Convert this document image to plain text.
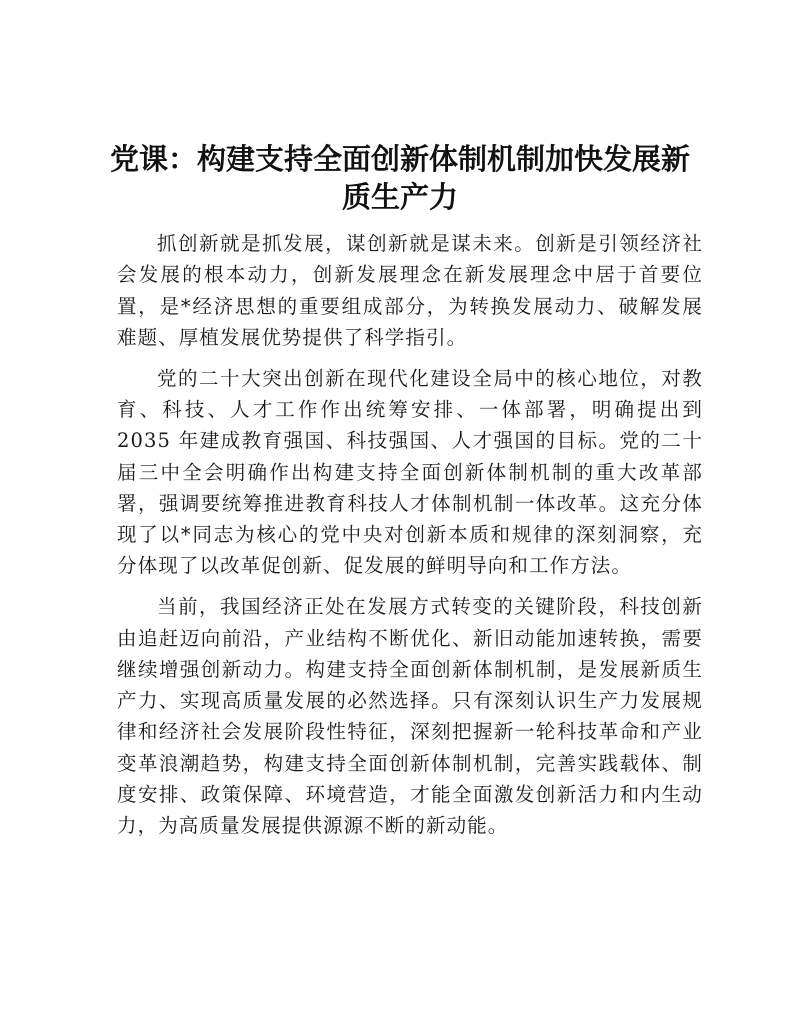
党课：构建支持全面创新体制机制加快发展新
质生产力

抓创新就是抓发展，谋创新就是谋未来。创新是引领经济社会发展的根本动力，创新发展理念在新发展理念中居于首要位置，是*经济思想的重要组成部分，为转换发展动力、破解发展难题、厚植发展优势提供了科学指引。

党的二十大突出创新在现代化建设全局中的核心地位，对教育、科技、人才工作作出统筹安排、一体部署，明确提出到2035 年建成教育强国、科技强国、人才强国的目标。党的二十届三中全会明确作出构建支持全面创新体制机制的重大改革部署，强调要统筹推进教育科技人才体制机制一体改革。这充分体现了以*同志为核心的党中央对创新本质和规律的深刻洞察，充分体现了以改革促创新、促发展的鲜明导向和工作方法。

当前，我国经济正处在发展方式转变的关键阶段，科技创新由追赶迈向前沿，产业结构不断优化、新旧动能加速转换，需要继续增强创新动力。构建支持全面创新体制机制，是发展新质生产力、实现高质量发展的必然选择。只有深刻认识生产力发展规律和经济社会发展阶段性特征，深刻把握新一轮科技革命和产业变革浪潮趋势，构建支持全面创新体制机制，完善实践载体、制度安排、政策保障、环境营造，才能全面激发创新活力和内生动力，为高质量发展提供源源不断的新动能。
